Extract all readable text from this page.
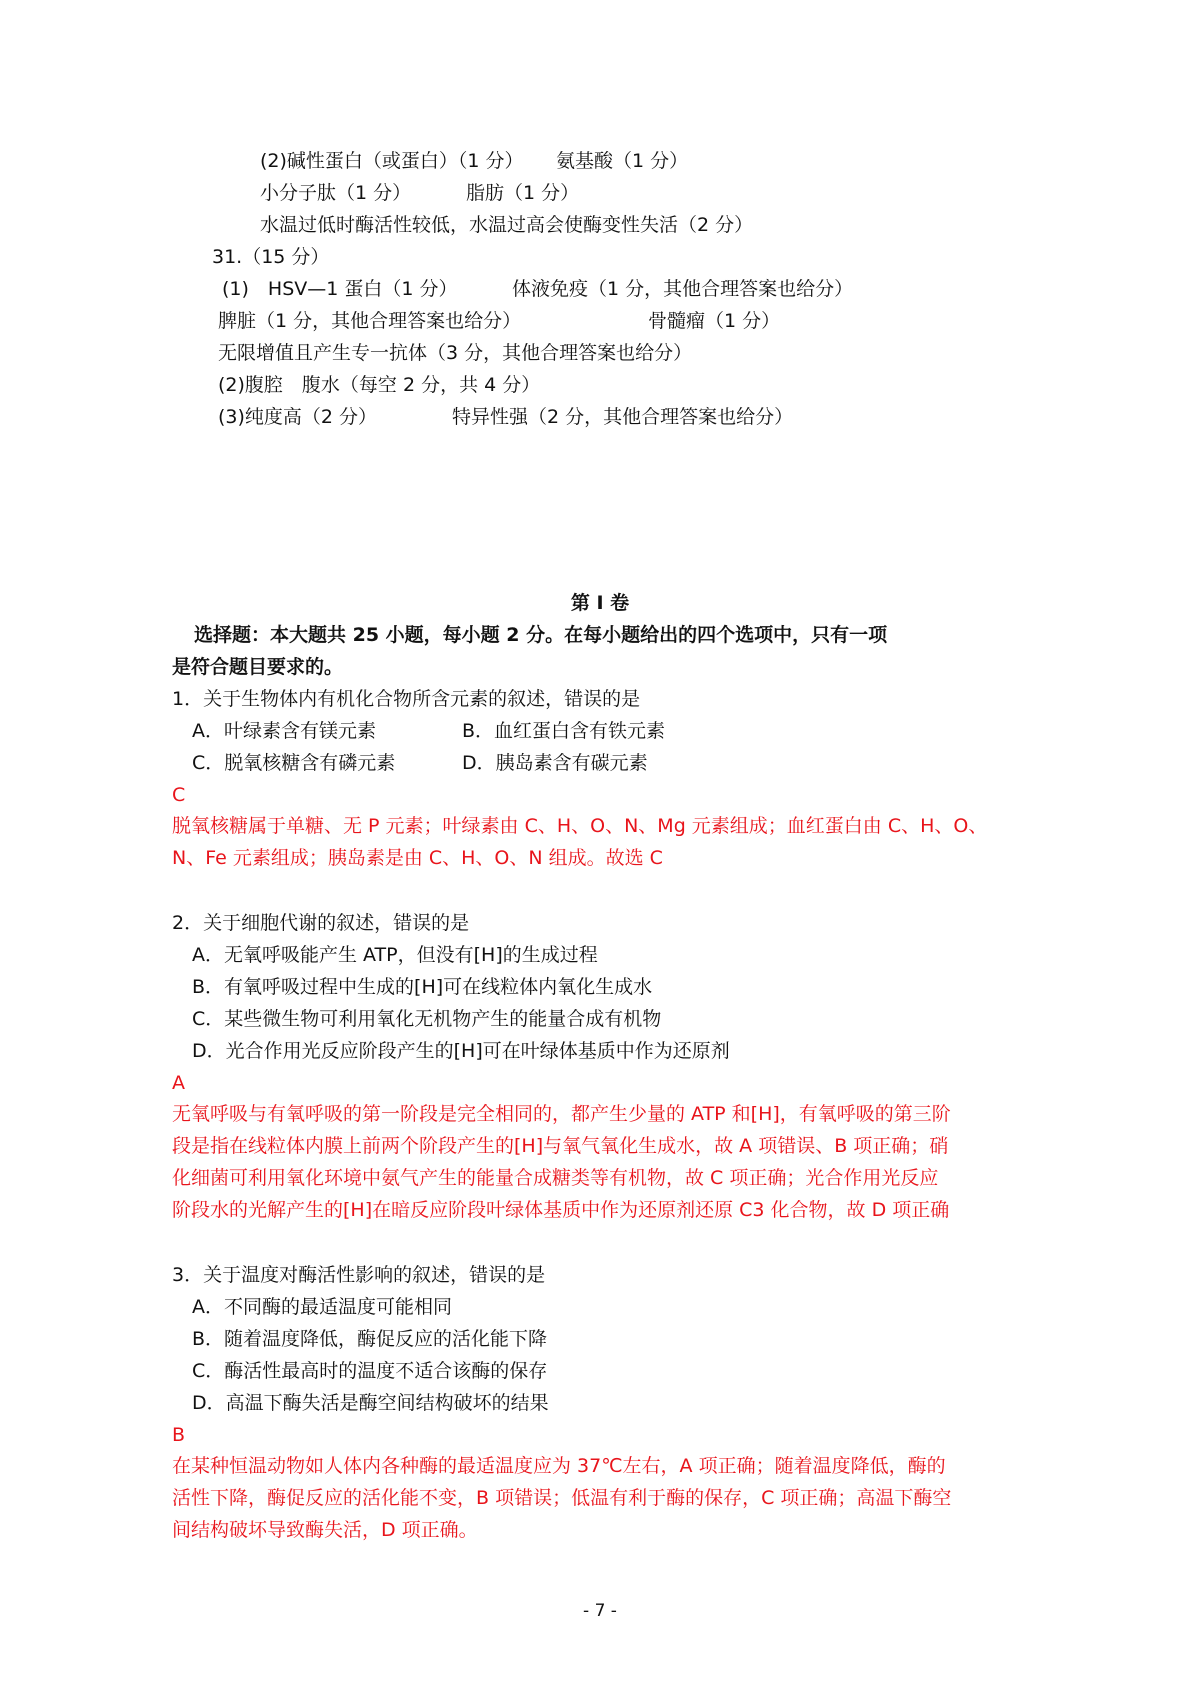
(2)碱性蛋白（或蛋白）（1 分） 氨基酸（1 分）
小分子肽（1 分）	脂肪（1 分）
水温过低时酶活性较低，水温过高会使酶变性失活（2 分）
31.（15 分）
(1)　HSV—1 蛋白（1 分）	体液免疫（1 分，其他合理答案也给分）
脾脏（1 分，其他合理答案也给分）	骨髓瘤（1 分）
无限增值且产生专一抗体（3 分，其他合理答案也给分）
(2)腹腔　腹水（每空 2 分，共 4 分）
(3)纯度高（2 分）	特异性强（2 分，其他合理答案也给分）
第 I 卷
选择题：本大题共 25 小题，每小题 2 分。在每小题给出的四个选项中，只有一项
是符合题目要求的。
1．关于生物体内有机化合物所含元素的叙述，错误的是
A．叶绿素含有镁元素	B．血红蛋白含有铁元素
C．脱氧核糖含有磷元素	D．胰岛素含有碳元素
C
脱氧核糖属于单糖、无 P 元素；叶绿素由 C、H、O、N、Mg 元素组成；血红蛋白由 C、H、O、
N、Fe 元素组成；胰岛素是由 C、H、O、N 组成。故选 C
2．关于细胞代谢的叙述，错误的是
A．无氧呼吸能产生 ATP，但没有[H]的生成过程
B．有氧呼吸过程中生成的[H]可在线粒体内氧化生成水
C．某些微生物可利用氧化无机物产生的能量合成有机物
D．光合作用光反应阶段产生的[H]可在叶绿体基质中作为还原剂
A
无氧呼吸与有氧呼吸的第一阶段是完全相同的，都产生少量的 ATP 和[H]，有氧呼吸的第三阶
段是指在线粒体内膜上前两个阶段产生的[H]与氧气氧化生成水，故 A 项错误、B 项正确；硝
化细菌可利用氧化环境中氨气产生的能量合成糖类等有机物，故 C 项正确；光合作用光反应
阶段水的光解产生的[H]在暗反应阶段叶绿体基质中作为还原剂还原 C3 化合物，故 D 项正确
3．关于温度对酶活性影响的叙述，错误的是
A．不同酶的最适温度可能相同
B．随着温度降低，酶促反应的活化能下降
C．酶活性最高时的温度不适合该酶的保存
D．高温下酶失活是酶空间结构破坏的结果
B
在某种恒温动物如人体内各种酶的最适温度应为 37℃左右，A 项正确；随着温度降低，酶的
活性下降，酶促反应的活化能不变，B 项错误；低温有利于酶的保存，C 项正确；高温下酶空
间结构破坏导致酶失活，D 项正确。
- 7 -
